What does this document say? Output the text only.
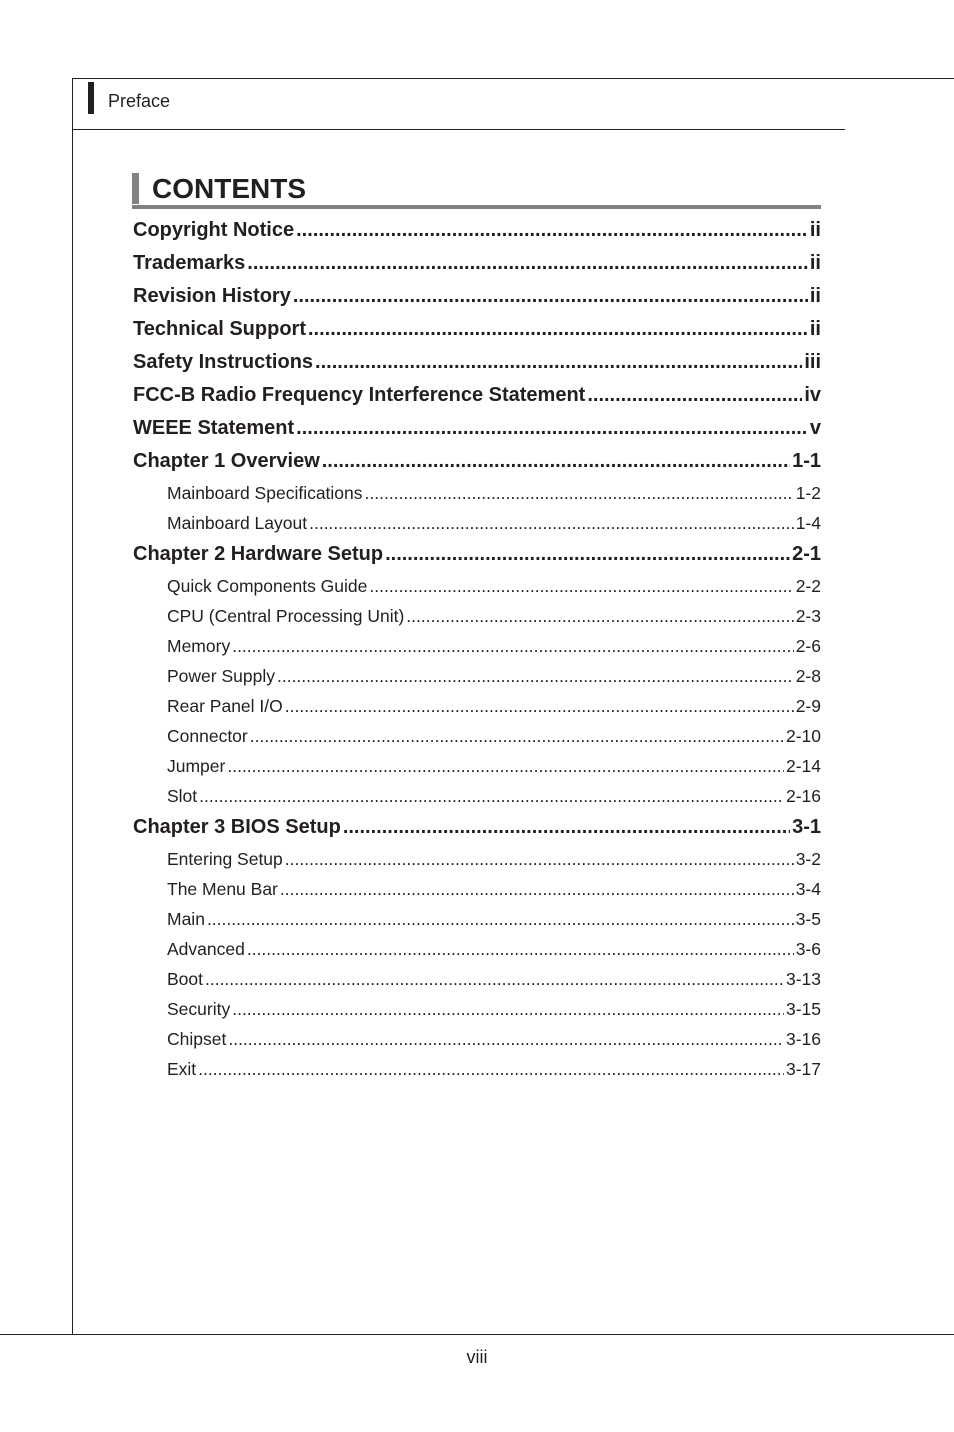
Preface
CONTENTS
Copyright Notice .....	ii
Trademarks .....	ii
Revision History .....	ii
Technical Support .....	ii
Safety Instructions .....	iii
FCC-B Radio Frequency Interference Statement .....	iv
WEEE Statement .....	v
Chapter 1 Overview .....	1-1
Mainboard Specifications .....	1-2
Mainboard Layout .....	1-4
Chapter 2 Hardware Setup .....	2-1
Quick Components Guide .....	2-2
CPU (Central Processing Unit) .....	2-3
Memory .....	2-6
Power Supply .....	2-8
Rear Panel I/O .....	2-9
Connector .....	2-10
Jumper .....	2-14
Slot .....	2-16
Chapter 3 BIOS Setup .....	3-1
Entering Setup .....	3-2
The Menu Bar .....	3-4
Main .....	3-5
Advanced .....	3-6
Boot .....	3-13
Security .....	3-15
Chipset .....	3-16
Exit .....	3-17
viii
